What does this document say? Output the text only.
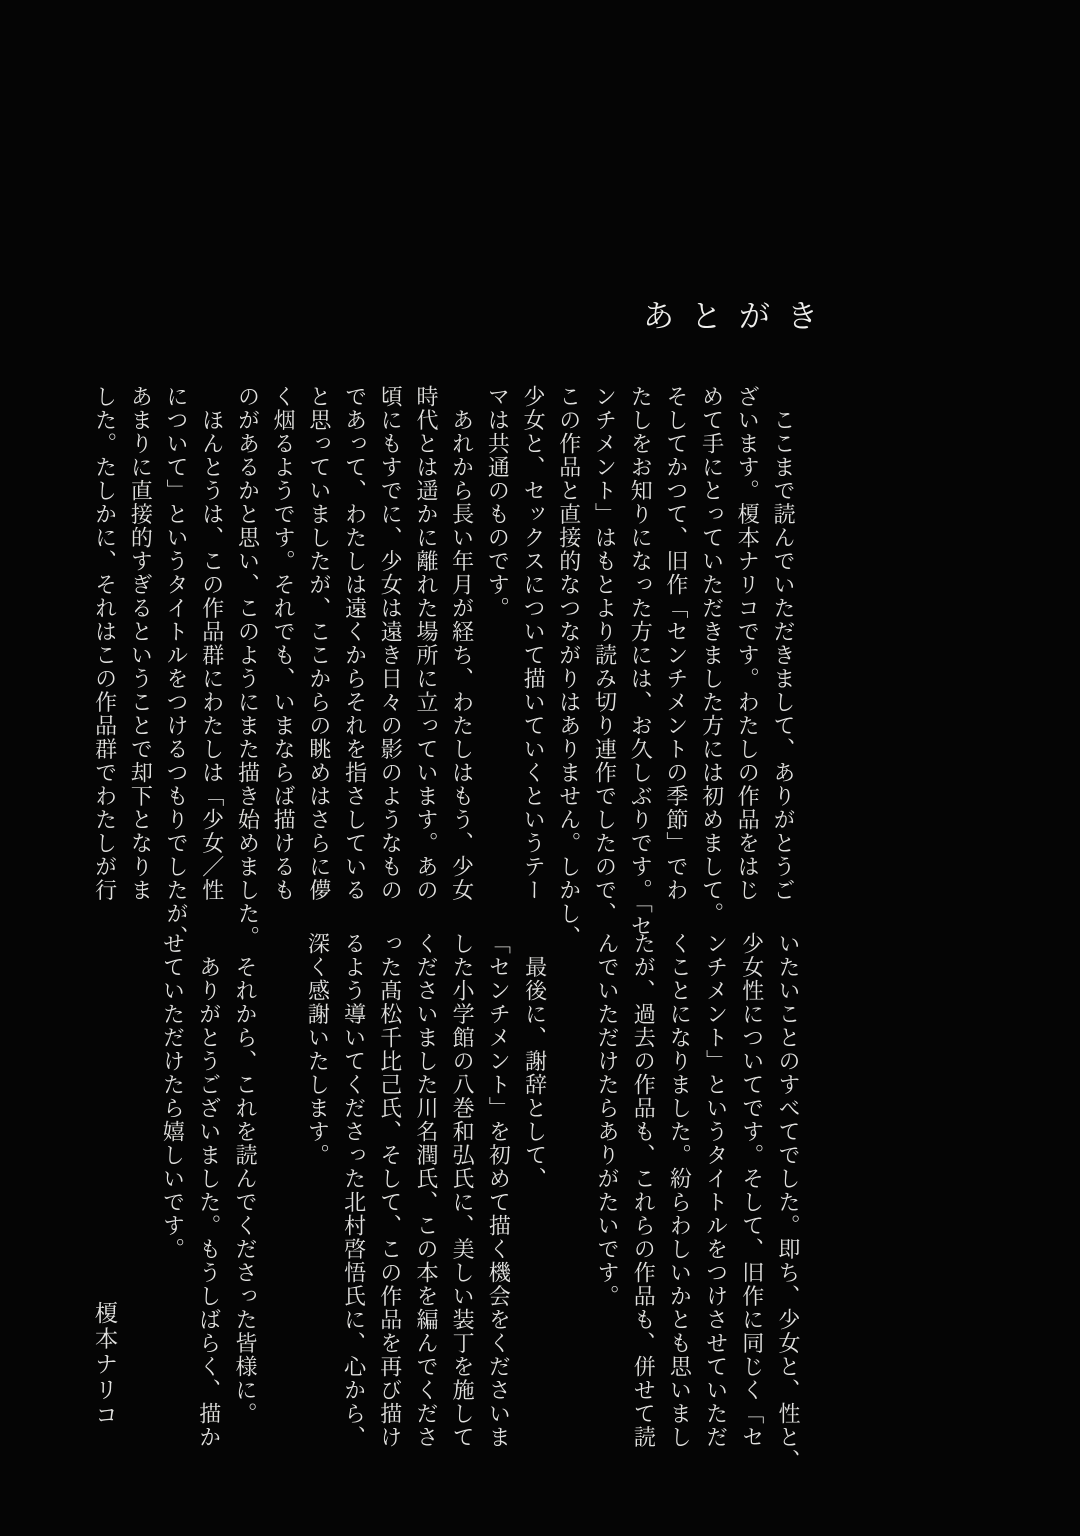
あとがき
　ここまで読んでいただきまして、ありがとうご
ざいます。榎本ナリコです。わたしの作品をはじ
めて手にとっていただきました方には初めまして。
そしてかつて、旧作「センチメントの季節」でわ
たしをお知りになった方には、お久しぶりです。「セ
ンチメント」はもとより読み切り連作でしたので、
この作品と直接的なつながりはありません。しかし、
少女と、セックスについて描いていくというテー
マは共通のものです。
　あれから長い年月が経ち、わたしはもう、少女
時代とは遥かに離れた場所に立っています。あの
頃にもすでに、少女は遠き日々の影のようなもの
であって、わたしは遠くからそれを指さしている
と思っていましたが、ここからの眺めはさらに儚
く烟るようです。それでも、いまならば描けるも
のがあるかと思い、このようにまた描き始めました。
　ほんとうは、この作品群にわたしは「少女／性
について」というタイトルをつけるつもりでしたが、
あまりに直接的すぎるということで却下となりま
した。たしかに、それはこの作品群でわたしが行
いたいことのすべてでした。即ち、少女と、性と、
少女性についてです。そして、旧作に同じく「セ
ンチメント」というタイトルをつけさせていただ
くことになりました。紛らわしいかとも思いまし
たが、過去の作品も、これらの作品も、併せて読
んでいただけたらありがたいです。
　最後に、謝辞として、
「センチメント」を初めて描く機会をくださいま
した小学館の八巻和弘氏に、美しい装丁を施して
くださいました川名潤氏、この本を編んでくださ
った髙松千比己氏、そして、この作品を再び描け
るよう導いてくださった北村啓悟氏に、心から、
深く感謝いたします。
　それから、これを読んでくださった皆様に。
　ありがとうございました。もうしばらく、描か
せていただけたら嬉しいです。
榎本ナリコ
